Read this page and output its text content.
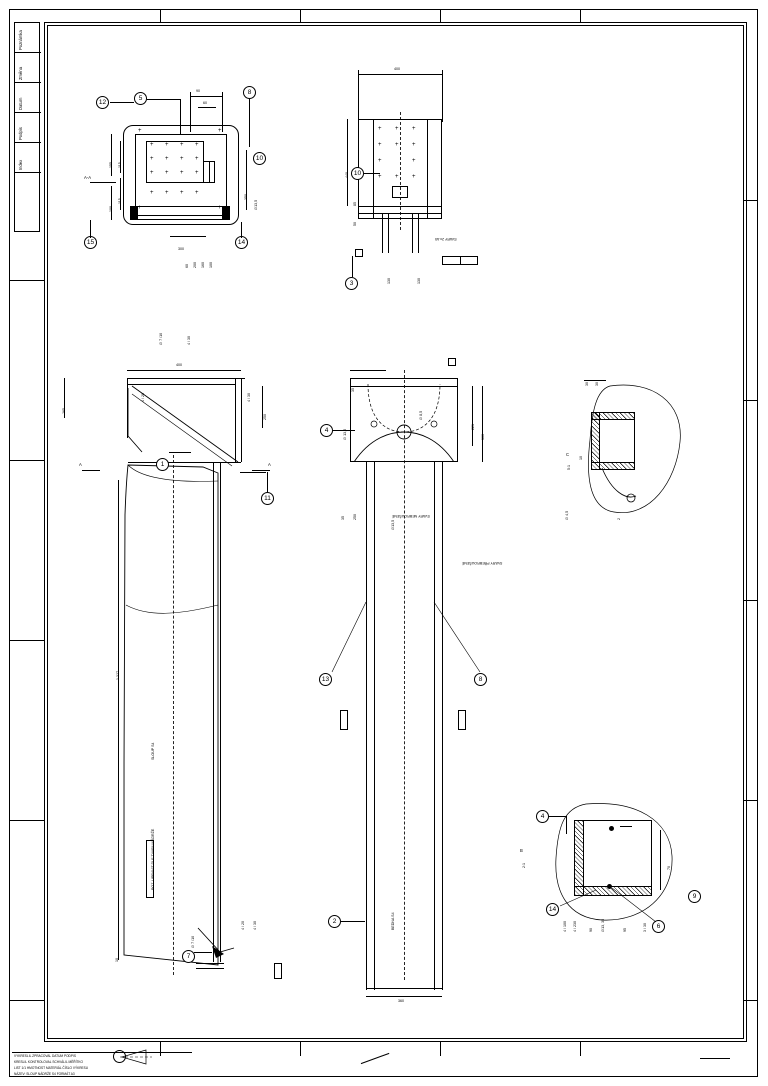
Poznámka
Změna
Datum
Podpis
Index
+ + + +
+ + + +
+ + + +
+ + + +
+	+
+	+
90
60
155 115
115
100
350
∅13,5
300
60 200 160 100
A-A
12
5
10
8
15	14
+ + +
+ + +
+	+
+ + +
400
440
85
50
SVARY 2x A5
130	130
10
3
265
400
250
1 327
10
SLOUP S4
POZ. UPRAVIT DLE TVARU NÁDRŽE
∅ 7 /10	4 / 30
4 / 20	4 / 30
4 / 20 4 / 30
∅ 7 /10
A	A
1
11
7
35
221
300
360
35 250
∅13,5
∅ 8,5
∅ 13,5
SVARY NEBROUŠENÉ
SVARY PŘEBROUŠENÉ
BEDNA S4
4
13	8
2
C
5:1
30 30
10
2
∅ 4,5
B
2:1	70
90	95
4 / 100 4 / 230	∅13, 35	3 / 30
4
14
6
9
VYKRESLIL ZPRACOVAL DATUM PODPIS
KRESLIL KONTROLOVAL SCHVÁLIL MĚŘÍTKO
LIST 1/1 HMOTNOST MATERIÁL ČÍSLO VÝKRESU
NÁZEV: SLOUP NÁDRŽE S4 FORMÁT A3
